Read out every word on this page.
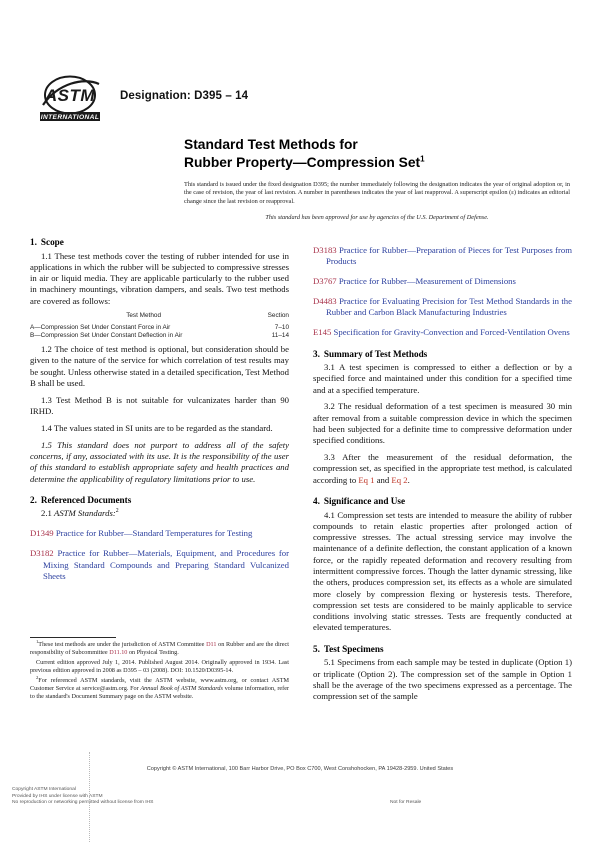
ASTM
INTERNATIONAL
Designation: D395 – 14
Standard Test Methods for
Rubber Property—Compression Set$^1$
This standard is issued under the fixed designation D395; the number immediately following the designation indicates the year of original adoption or, in the case of revision, the year of last revision. A number in parentheses indicates the year of last reapproval. A superscript epsilon (ε) indicates an editorial change since the last revision or reapproval.
This standard has been approved for use by agencies of the U.S. Department of Defense.
1. Scope

1.1 These test methods cover the testing of rubber intended for use in applications in which the rubber will be subjected to compressive stresses in air or liquid media. They are applicable particularly to the rubber used in machinery mountings, vibration dampers, and seals. Two test methods are covered as follows:

Test Method	Section
A—Compression Set Under Constant Force in Air	7–10
B—Compression Set Under Constant Deflection in Air	11–14

1.2 The choice of test method is optional, but consideration should be given to the nature of the service for which correlation of test results may be sought. Unless otherwise stated in a detailed specification, Test Method B shall be used.

1.3 Test Method B is not suitable for vulcanizates harder than 90 IRHD.

1.4 The values stated in SI units are to be regarded as the standard.

1.5 This standard does not purport to address all of the safety concerns, if any, associated with its use. It is the responsibility of the user of this standard to establish appropriate safety and health practices and determine the applicability of regulatory limitations prior to use.

2. Referenced Documents

2.1 ASTM Standards:$^2$

D1349 Practice for Rubber—Standard Temperatures for Testing

D3182 Practice for Rubber—Materials, Equipment, and Procedures for Mixing Standard Compounds and Preparing Standard Vulcanized Sheets

D3183 Practice for Rubber—Preparation of Pieces for Test Purposes from Products

D3767 Practice for Rubber—Measurement of Dimensions

D4483 Practice for Evaluating Precision for Test Method Standards in the Rubber and Carbon Black Manufacturing Industries

E145 Specification for Gravity-Convection and Forced-Ventilation Ovens

3. Summary of Test Methods

3.1 A test specimen is compressed to either a deflection or by a specified force and maintained under this condition for a specified time and at a specified temperature.

3.2 The residual deformation of a test specimen is measured 30 min after removal from a suitable compression device in which the specimen had been subjected for a definite time to compressive deformation under specified conditions.

3.3 After the measurement of the residual deformation, the compression set, as specified in the appropriate test method, is calculated according to Eq 1 and Eq 2.

4. Significance and Use

4.1 Compression set tests are intended to measure the ability of rubber compounds to retain elastic properties after prolonged action of compressive stresses. The actual stressing service may involve the maintenance of a definite deflection, the constant application of a known force, or the rapidly repeated deformation and recovery resulting from intermittent compressive forces. Though the latter dynamic stressing, like the others, produces compression set, its effects as a whole are simulated more closely by compression flexing or hysteresis tests. Therefore, compression set tests are considered to be mainly applicable to service conditions involving static stresses. Tests are frequently conducted at elevated temperatures.

5. Test Specimens

5.1 Specimens from each sample may be tested in duplicate (Option 1) or triplicate (Option 2). The compression set of the sample in Option 1 shall be the average of the two specimens expressed as a percentage. The compression set of the sample

$^1$These test methods are under the jurisdiction of ASTM Committee D11 on Rubber and are the direct responsibility of Subcommittee D11.10 on Physical Testing.

Current edition approved July 1, 2014. Published August 2014. Originally approved in 1934. Last previous edition approved in 2008 as D395 – 03 (2008). DOI: 10.1520/D0395-14.

$^2$For referenced ASTM standards, visit the ASTM website, www.astm.org, or contact ASTM Customer Service at service@astm.org. For Annual Book of ASTM Standards volume information, refer to the standard's Document Summary page on the ASTM website.

Copyright © ASTM International, 100 Barr Harbor Drive, PO Box C700, West Conshohocken, PA 19428-2959. United States
Copyright ASTM International
Provided by IHS under license with ASTM
No reproduction or networking permitted without license from IHS	Not for Resale
